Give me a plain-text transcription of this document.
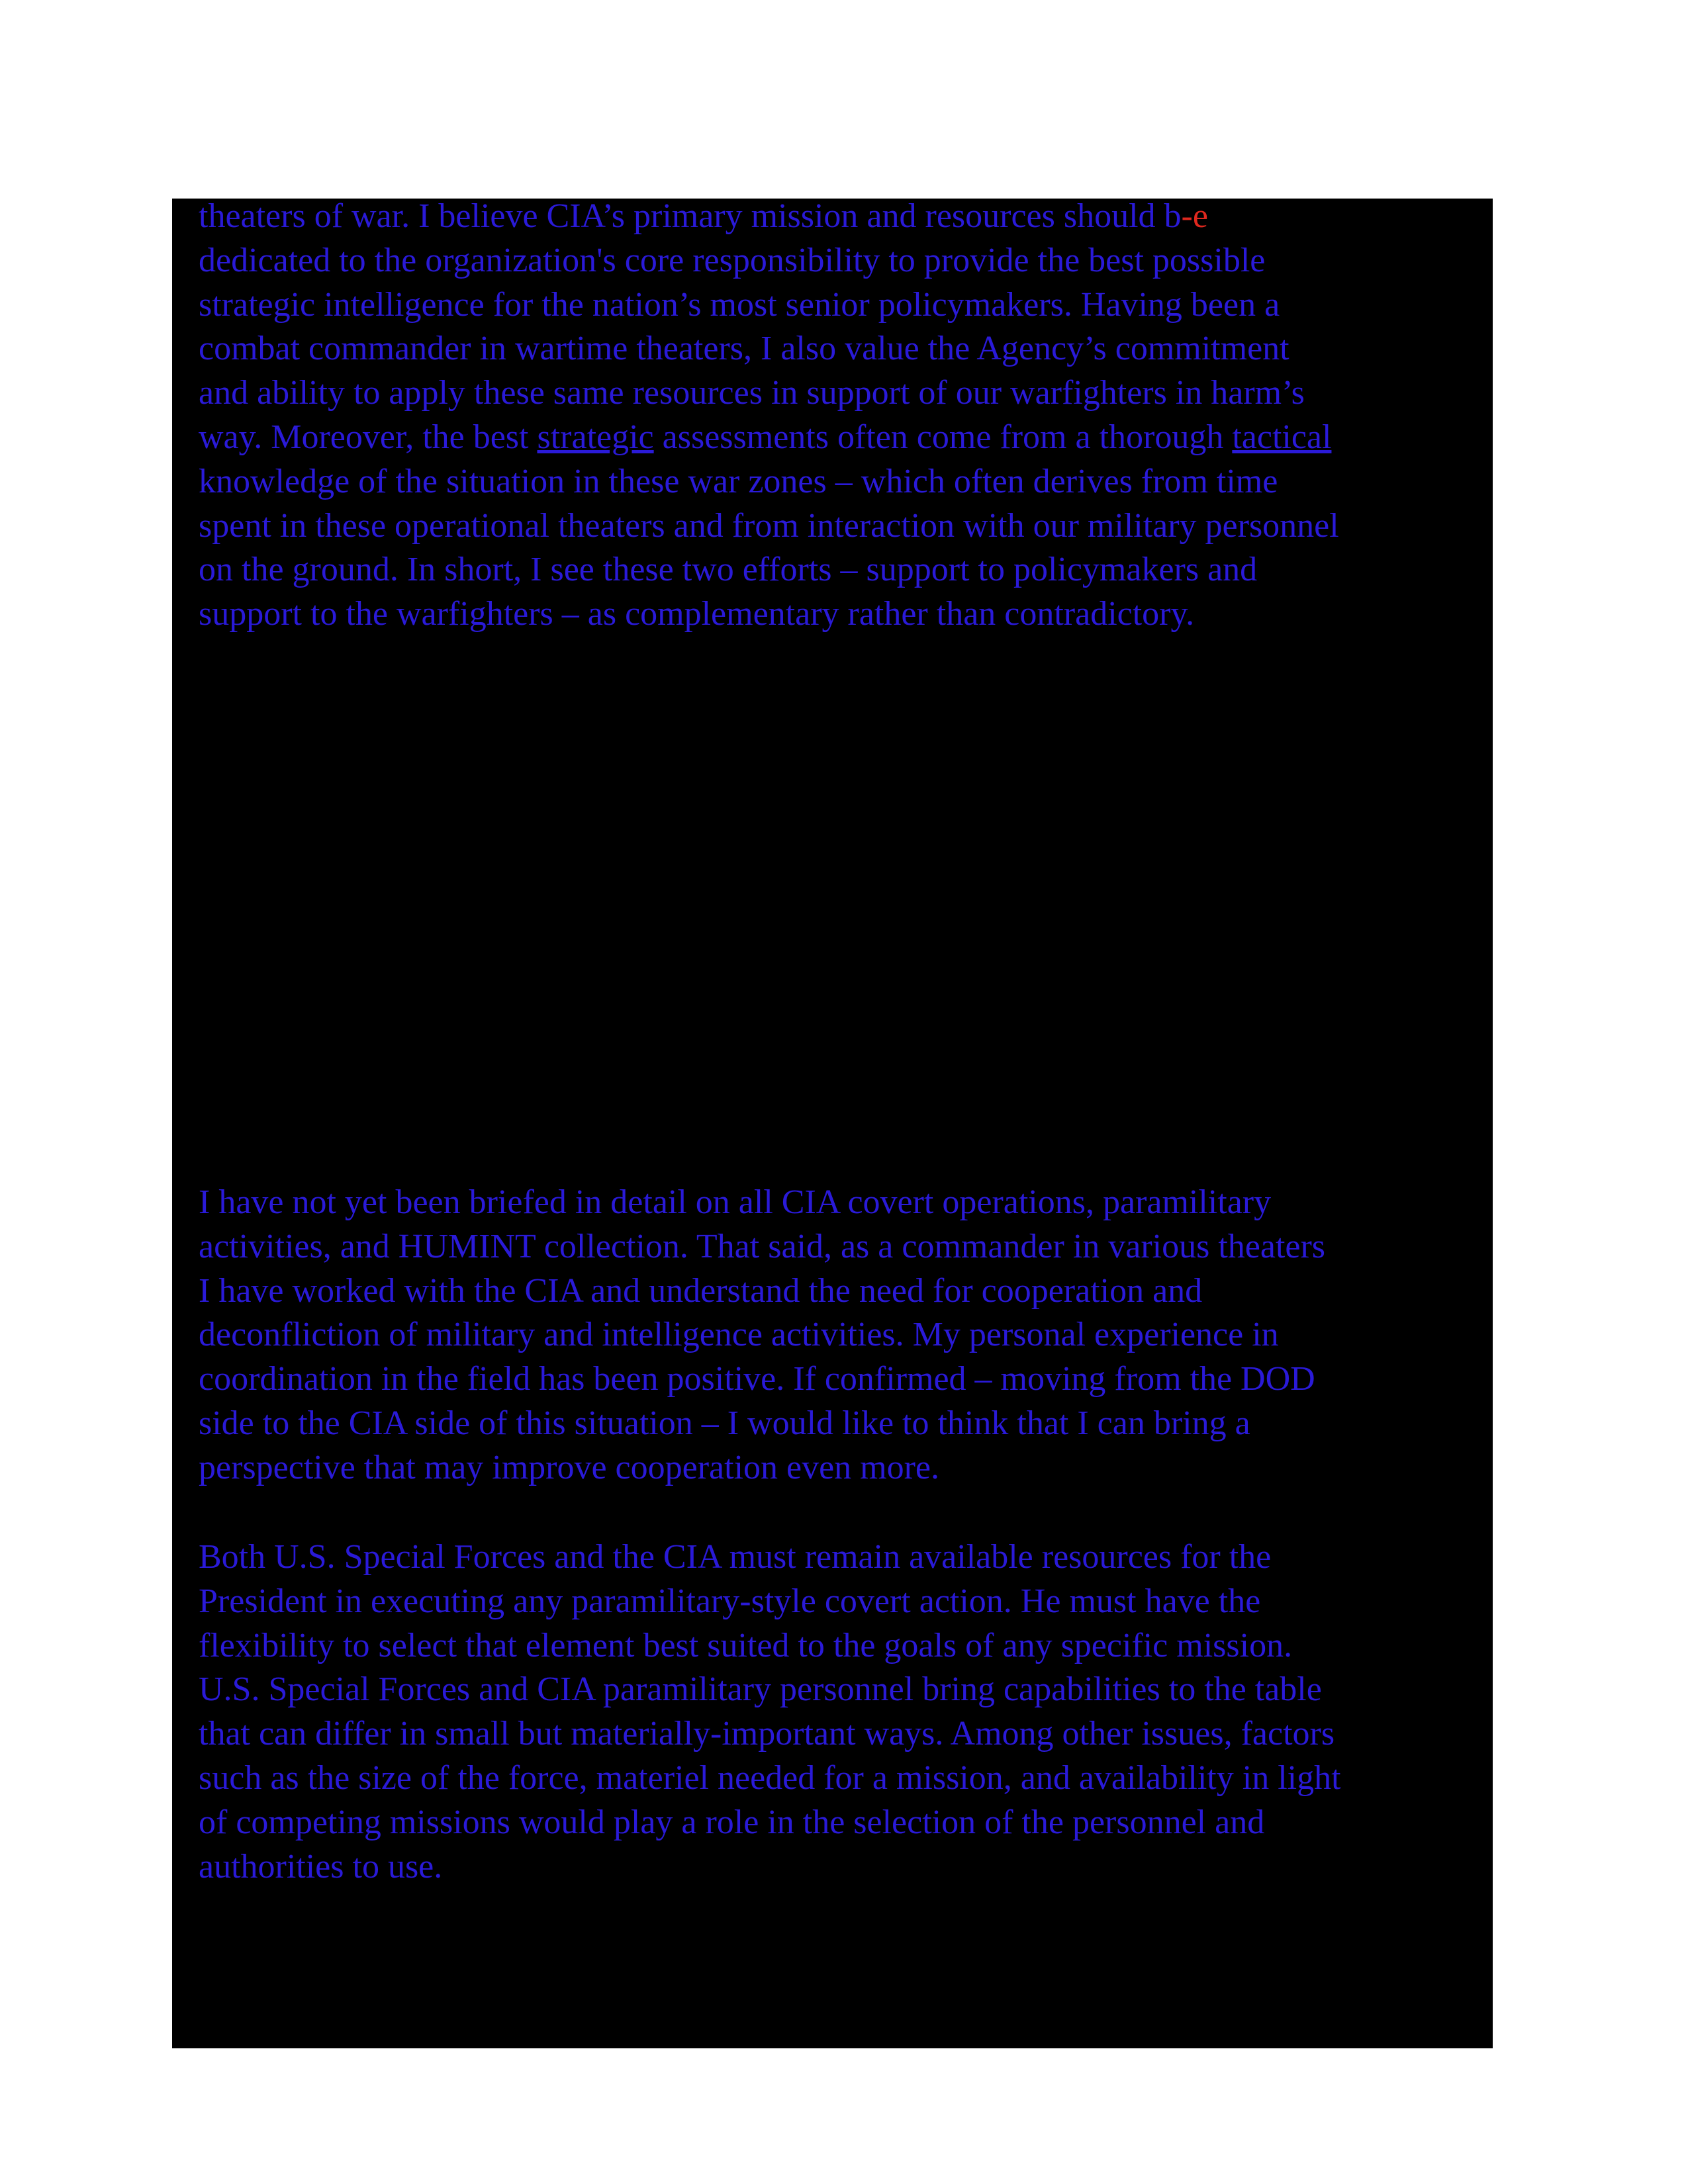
theaters of war. I believe CIA’s primary mission and resources should b-e
dedicated to the organization's core responsibility to provide the best possible
strategic intelligence for the nation’s most senior policymakers. Having been a
combat commander in wartime theaters, I also value the Agency’s commitment
and ability to apply these same resources in support of our warfighters in harm’s
way. Moreover, the best strategic assessments often come from a thorough tactical
knowledge of the situation in these war zones – which often derives from time
spent in these operational theaters and from interaction with our military personnel
on the ground. In short, I see these two efforts – support to policymakers and
support to the warfighters – as complementary rather than contradictory.
I have not yet been briefed in detail on all CIA covert operations, paramilitary
activities, and HUMINT collection. That said, as a commander in various theaters
I have worked with the CIA and understand the need for cooperation and
deconfliction of military and intelligence activities. My personal experience in
coordination in the field has been positive. If confirmed – moving from the DOD
side to the CIA side of this situation – I would like to think that I can bring a
perspective that may improve cooperation even more.
Both U.S. Special Forces and the CIA must remain available resources for the
President in executing any paramilitary-style covert action. He must have the
flexibility to select that element best suited to the goals of any specific mission.
U.S. Special Forces and CIA paramilitary personnel bring capabilities to the table
that can differ in small but materially-important ways. Among other issues, factors
such as the size of the force, materiel needed for a mission, and availability in light
of competing missions would play a role in the selection of the personnel and
authorities to use.
